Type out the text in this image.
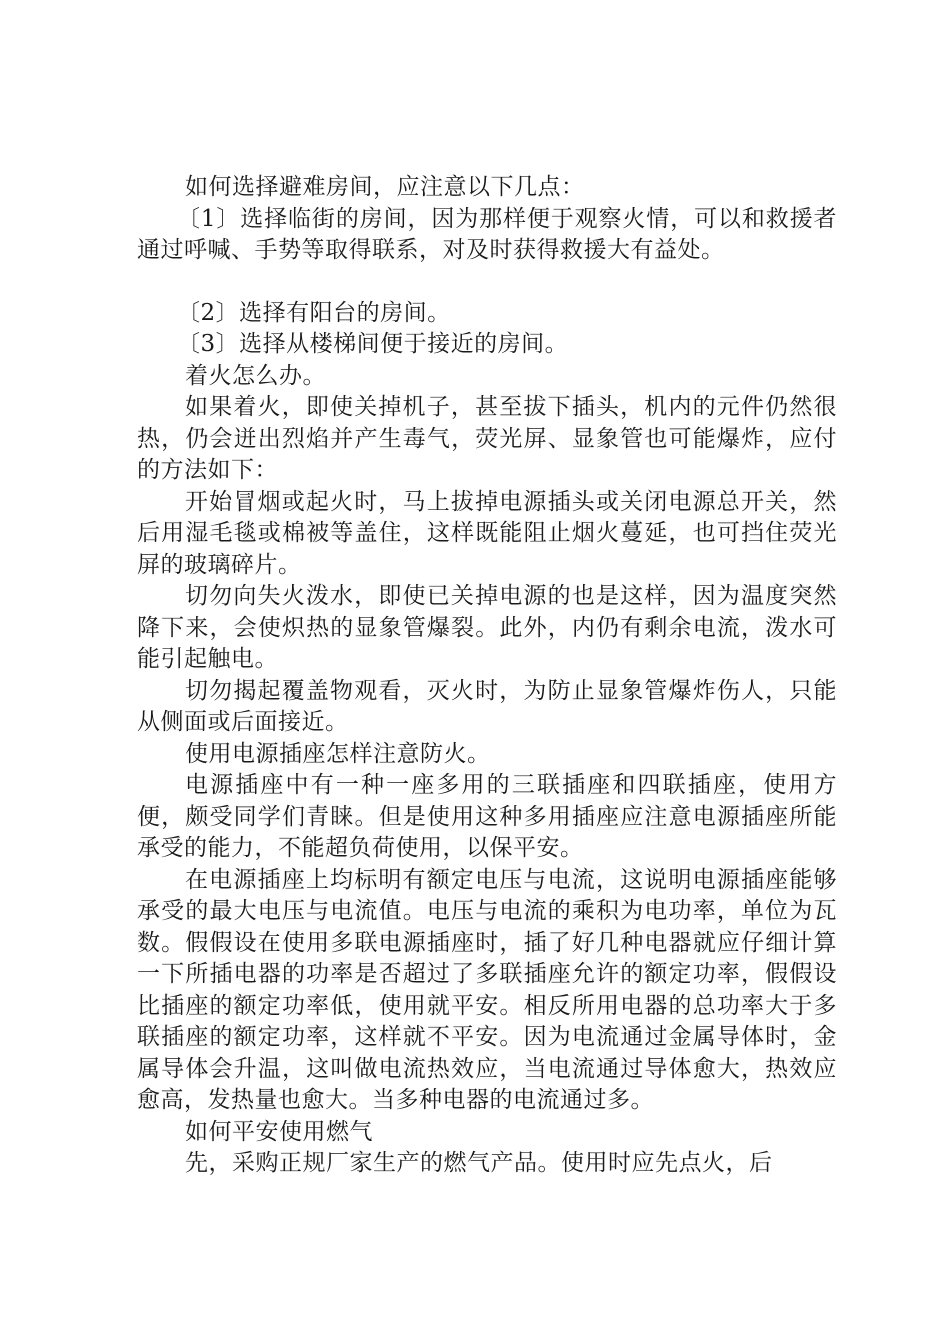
如何选择避难房间，应注意以下几点：

〔1〕选择临街的房间，因为那样便于观察火情，可以和救援者通过呼喊、手势等取得联系，对及时获得救援大有益处。

〔2〕选择有阳台的房间。

〔3〕选择从楼梯间便于接近的房间。

着火怎么办。

如果着火，即使关掉机子，甚至拔下插头，机内的元件仍然很热，仍会迸出烈焰并产生毒气，荧光屏、显象管也可能爆炸，应付的方法如下：

开始冒烟或起火时，马上拔掉电源插头或关闭电源总开关，然后用湿毛毯或棉被等盖住，这样既能阻止烟火蔓延，也可挡住荧光屏的玻璃碎片。

切勿向失火泼水，即使已关掉电源的也是这样，因为温度突然降下来，会使炽热的显象管爆裂。此外，内仍有剩余电流，泼水可能引起触电。

切勿揭起覆盖物观看，灭火时，为防止显象管爆炸伤人，只能从侧面或后面接近。

使用电源插座怎样注意防火。

电源插座中有一种一座多用的三联插座和四联插座，使用方便，颇受同学们青睐。但是使用这种多用插座应注意电源插座所能承受的能力，不能超负荷使用，以保平安。

在电源插座上均标明有额定电压与电流，这说明电源插座能够承受的最大电压与电流值。电压与电流的乘积为电功率，单位为瓦数。假假设在使用多联电源插座时，插了好几种电器就应仔细计算一下所插电器的功率是否超过了多联插座允许的额定功率，假假设比插座的额定功率低，使用就平安。相反所用电器的总功率大于多联插座的额定功率，这样就不平安。因为电流通过金属导体时，金属导体会升温，这叫做电流热效应，当电流通过导体愈大，热效应愈高，发热量也愈大。当多种电器的电流通过多。

如何平安使用燃气

先，采购正规厂家生产的燃气产品。使用时应先点火，后
